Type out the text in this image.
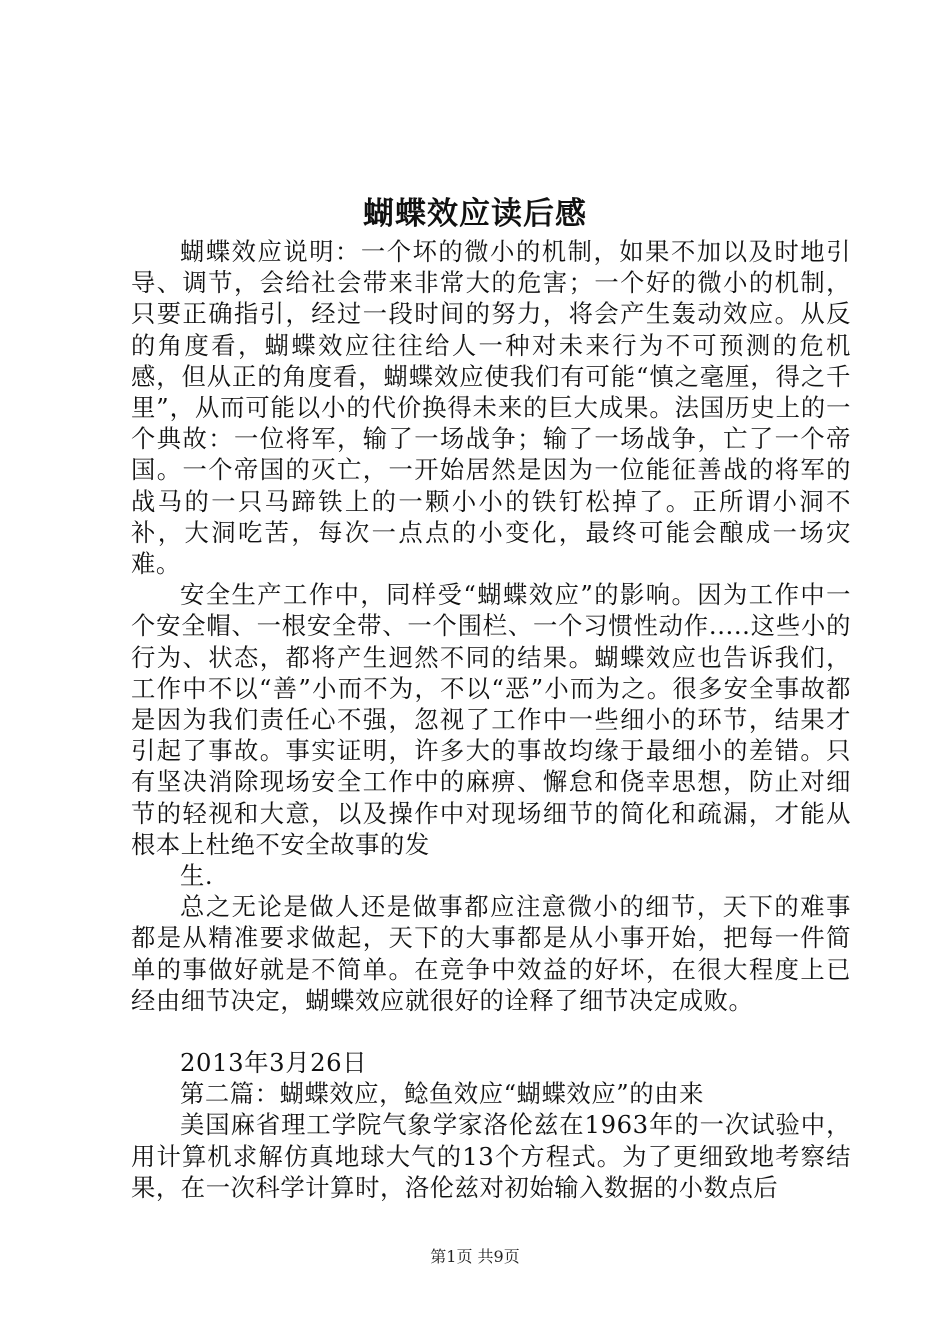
蝴蝶效应读后感

蝴蝶效应说明：一个坏的微小的机制，如果不加以及时地引导、调节，会给社会带来非常大的危害；一个好的微小的机制，只要正确指引，经过一段时间的努力，将会产生轰动效应。从反的角度看，蝴蝶效应往往给人一种对未来行为不可预测的危机感，但从正的角度看，蝴蝶效应使我们有可能“慎之毫厘，得之千里”，从而可能以小的代价换得未来的巨大成果。法国历史上的一个典故：一位将军，输了一场战争；输了一场战争，亡了一个帝国。一个帝国的灭亡，一开始居然是因为一位能征善战的将军的战马的一只马蹄铁上的一颗小小的铁钉松掉了。正所谓小洞不补，大洞吃苦，每次一点点的小变化，最终可能会酿成一场灾难。

安全生产工作中，同样受“蝴蝶效应”的影响。因为工作中一个安全帽、一根安全带、一个围栏、一个习惯性动作.....这些小的行为、状态，都将产生迥然不同的结果。蝴蝶效应也告诉我们，工作中不以“善”小而不为，不以“恶”小而为之。很多安全事故都是因为我们责任心不强，忽视了工作中一些细小的环节，结果才引起了事故。事实证明，许多大的事故均缘于最细小的差错。只有坚决消除现场安全工作中的麻痹、懈怠和侥幸思想，防止对细节的轻视和大意，以及操作中对现场细节的简化和疏漏，才能从根本上杜绝不安全故事的发

生.

总之无论是做人还是做事都应注意微小的细节，天下的难事都是从精准要求做起，天下的大事都是从小事开始，把每一件简单的事做好就是不简单。在竞争中效益的好坏，在很大程度上已经由细节决定，蝴蝶效应就很好的诠释了细节决定成败。

2013年3月26日

第二篇：蝴蝶效应，鲶鱼效应“蝴蝶效应”的由来

美国麻省理工学院气象学家洛伦兹在1963年的一次试验中，用计算机求解仿真地球大气的13个方程式。为了更细致地考察结果，在一次科学计算时，洛伦兹对初始输入数据的小数点后

第1页 共9页
